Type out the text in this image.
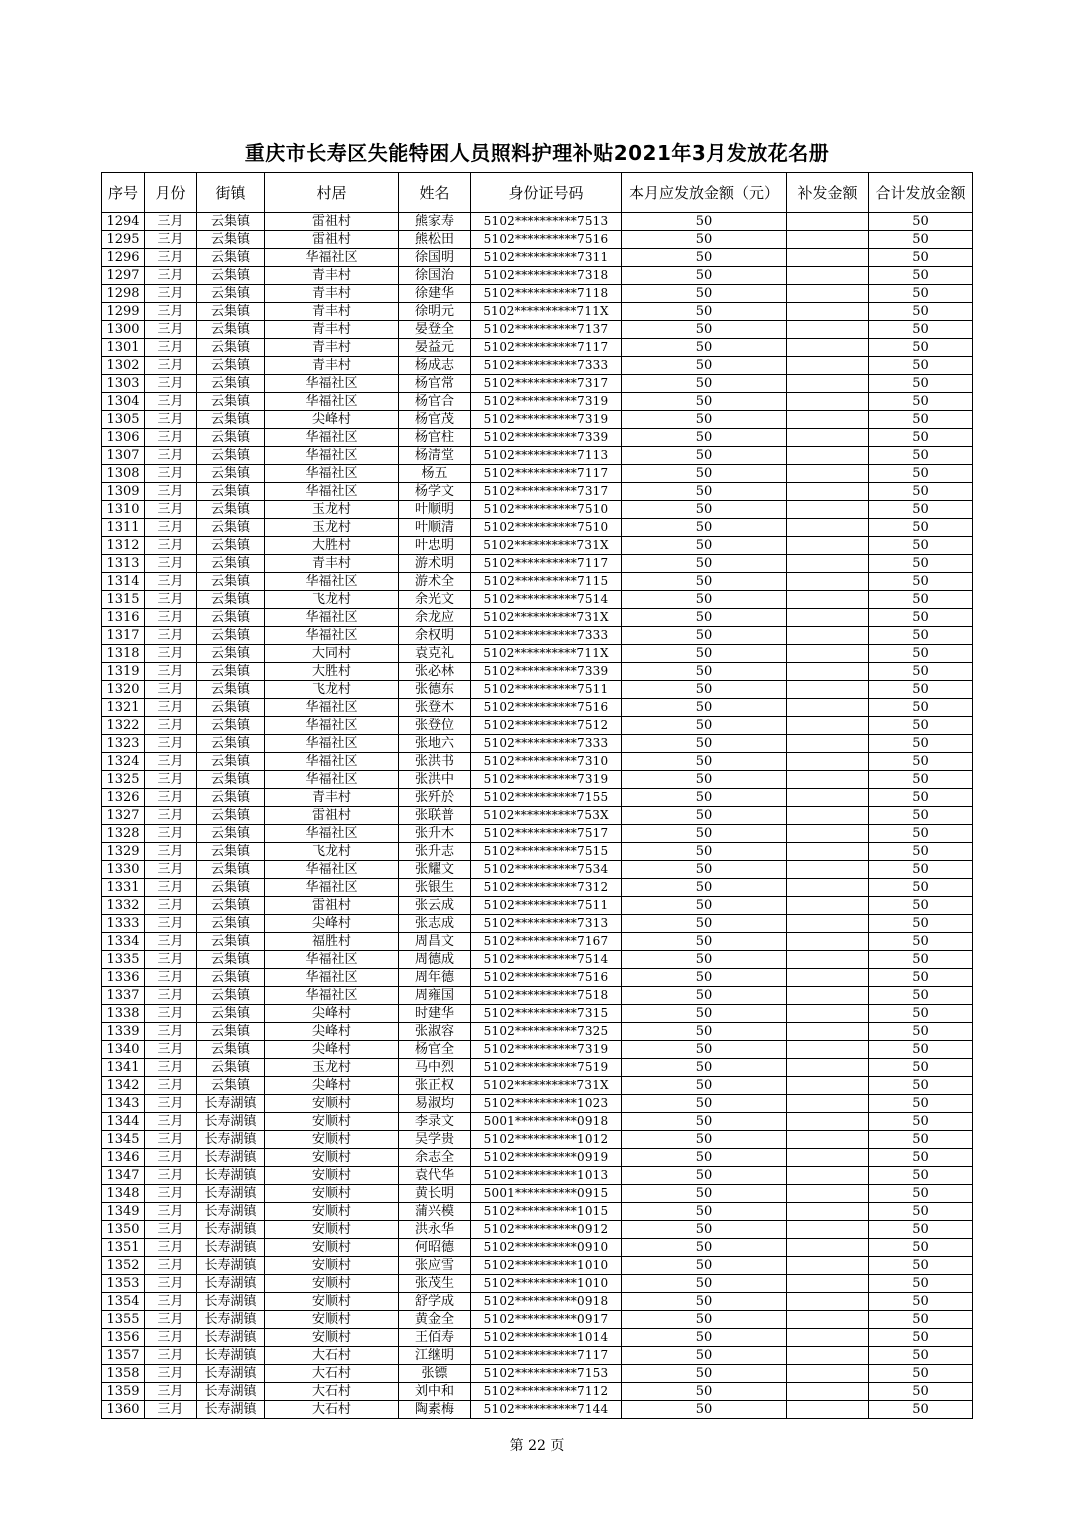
重庆市长寿区失能特困人员照料护理补贴2021年3月发放花名册
序号	月份	街镇	村居	姓名	身份证号码	本月应发放金额（元）	补发金额	合计发放金额
1294	三月	云集镇	雷祖村	熊家寿	5102**********7513	50		50
1295	三月	云集镇	雷祖村	熊松田	5102**********7516	50		50
1296	三月	云集镇	华福社区	徐国明	5102**********7311	50		50
1297	三月	云集镇	青丰村	徐国治	5102**********7318	50		50
1298	三月	云集镇	青丰村	徐建华	5102**********7118	50		50
1299	三月	云集镇	青丰村	徐明元	5102**********711X	50		50
1300	三月	云集镇	青丰村	晏登全	5102**********7137	50		50
1301	三月	云集镇	青丰村	晏益元	5102**********7117	50		50
1302	三月	云集镇	青丰村	杨成志	5102**********7333	50		50
1303	三月	云集镇	华福社区	杨官常	5102**********7317	50		50
1304	三月	云集镇	华福社区	杨官合	5102**********7319	50		50
1305	三月	云集镇	尖峰村	杨官茂	5102**********7319	50		50
1306	三月	云集镇	华福社区	杨官柱	5102**********7339	50		50
1307	三月	云集镇	华福社区	杨清堂	5102**********7113	50		50
1308	三月	云集镇	华福社区	杨五	5102**********7117	50		50
1309	三月	云集镇	华福社区	杨学文	5102**********7317	50		50
1310	三月	云集镇	玉龙村	叶顺明	5102**********7510	50		50
1311	三月	云集镇	玉龙村	叶顺清	5102**********7510	50		50
1312	三月	云集镇	大胜村	叶忠明	5102**********731X	50		50
1313	三月	云集镇	青丰村	游术明	5102**********7117	50		50
1314	三月	云集镇	华福社区	游术全	5102**********7115	50		50
1315	三月	云集镇	飞龙村	余光文	5102**********7514	50		50
1316	三月	云集镇	华福社区	余龙应	5102**********731X	50		50
1317	三月	云集镇	华福社区	余权明	5102**********7333	50		50
1318	三月	云集镇	大同村	袁克礼	5102**********711X	50		50
1319	三月	云集镇	大胜村	张必林	5102**********7339	50		50
1320	三月	云集镇	飞龙村	张德东	5102**********7511	50		50
1321	三月	云集镇	华福社区	张登木	5102**********7516	50		50
1322	三月	云集镇	华福社区	张登位	5102**********7512	50		50
1323	三月	云集镇	华福社区	张地六	5102**********7333	50		50
1324	三月	云集镇	华福社区	张洪书	5102**********7310	50		50
1325	三月	云集镇	华福社区	张洪中	5102**********7319	50		50
1326	三月	云集镇	青丰村	张歼於	5102**********7155	50		50
1327	三月	云集镇	雷祖村	张联普	5102**********753X	50		50
1328	三月	云集镇	华福社区	张升木	5102**********7517	50		50
1329	三月	云集镇	飞龙村	张升志	5102**********7515	50		50
1330	三月	云集镇	华福社区	张耀文	5102**********7534	50		50
1331	三月	云集镇	华福社区	张银生	5102**********7312	50		50
1332	三月	云集镇	雷祖村	张云成	5102**********7511	50		50
1333	三月	云集镇	尖峰村	张志成	5102**********7313	50		50
1334	三月	云集镇	福胜村	周昌文	5102**********7167	50		50
1335	三月	云集镇	华福社区	周德成	5102**********7514	50		50
1336	三月	云集镇	华福社区	周年德	5102**********7516	50		50
1337	三月	云集镇	华福社区	周雍国	5102**********7518	50		50
1338	三月	云集镇	尖峰村	时建华	5102**********7315	50		50
1339	三月	云集镇	尖峰村	张淑容	5102**********7325	50		50
1340	三月	云集镇	尖峰村	杨官全	5102**********7319	50		50
1341	三月	云集镇	玉龙村	马中烈	5102**********7519	50		50
1342	三月	云集镇	尖峰村	张正权	5102**********731X	50		50
1343	三月	长寿湖镇	安顺村	易淑均	5102**********1023	50		50
1344	三月	长寿湖镇	安顺村	李录文	5001**********0918	50		50
1345	三月	长寿湖镇	安顺村	吴学贵	5102**********1012	50		50
1346	三月	长寿湖镇	安顺村	余志全	5102**********0919	50		50
1347	三月	长寿湖镇	安顺村	袁代华	5102**********1013	50		50
1348	三月	长寿湖镇	安顺村	黄长明	5001**********0915	50		50
1349	三月	长寿湖镇	安顺村	蒲兴模	5102**********1015	50		50
1350	三月	长寿湖镇	安顺村	洪永华	5102**********0912	50		50
1351	三月	长寿湖镇	安顺村	何昭德	5102**********0910	50		50
1352	三月	长寿湖镇	安顺村	张应雪	5102**********1010	50		50
1353	三月	长寿湖镇	安顺村	张茂生	5102**********1010	50		50
1354	三月	长寿湖镇	安顺村	舒学成	5102**********0918	50		50
1355	三月	长寿湖镇	安顺村	黄金全	5102**********0917	50		50
1356	三月	长寿湖镇	安顺村	王佰寿	5102**********1014	50		50
1357	三月	长寿湖镇	大石村	江继明	5102**********7117	50		50
1358	三月	长寿湖镇	大石村	张镖	5102**********7153	50		50
1359	三月	长寿湖镇	大石村	刘中和	5102**********7112	50		50
1360	三月	长寿湖镇	大石村	陶素梅	5102**********7144	50		50
第 22 页
